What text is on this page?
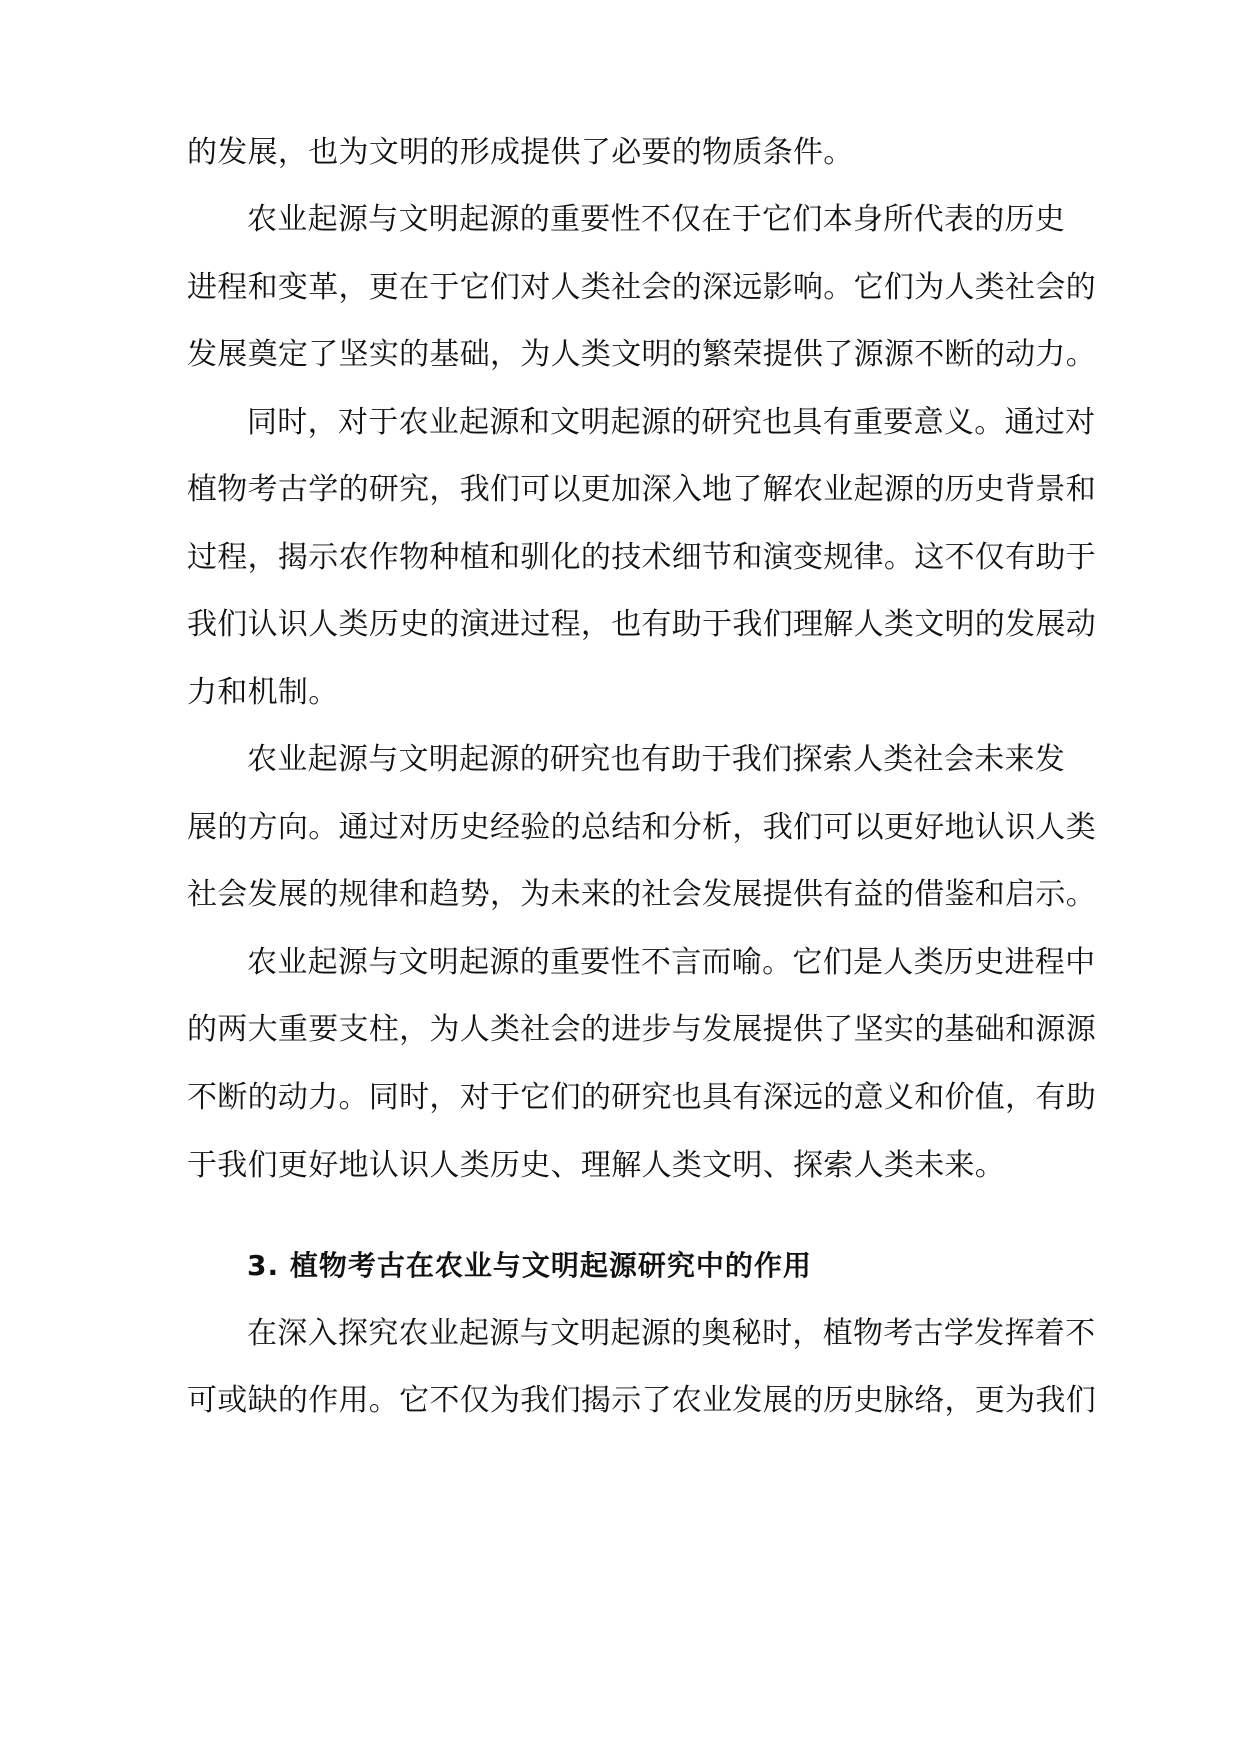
的发展，也为文明的形成提供了必要的物质条件。
农业起源与文明起源的重要性不仅在于它们本身所代表的历史
进程和变革，更在于它们对人类社会的深远影响。它们为人类社会的
发展奠定了坚实的基础，为人类文明的繁荣提供了源源不断的动力。
同时，对于农业起源和文明起源的研究也具有重要意义。通过对
植物考古学的研究，我们可以更加深入地了解农业起源的历史背景和
过程，揭示农作物种植和驯化的技术细节和演变规律。这不仅有助于
我们认识人类历史的演进过程，也有助于我们理解人类文明的发展动
力和机制。
农业起源与文明起源的研究也有助于我们探索人类社会未来发
展的方向。通过对历史经验的总结和分析，我们可以更好地认识人类
社会发展的规律和趋势，为未来的社会发展提供有益的借鉴和启示。
农业起源与文明起源的重要性不言而喻。它们是人类历史进程中
的两大重要支柱，为人类社会的进步与发展提供了坚实的基础和源源
不断的动力。同时，对于它们的研究也具有深远的意义和价值，有助
于我们更好地认识人类历史、理解人类文明、探索人类未来。
3. 植物考古在农业与文明起源研究中的作用
在深入探究农业起源与文明起源的奥秘时，植物考古学发挥着不
可或缺的作用。它不仅为我们揭示了农业发展的历史脉络，更为我们
